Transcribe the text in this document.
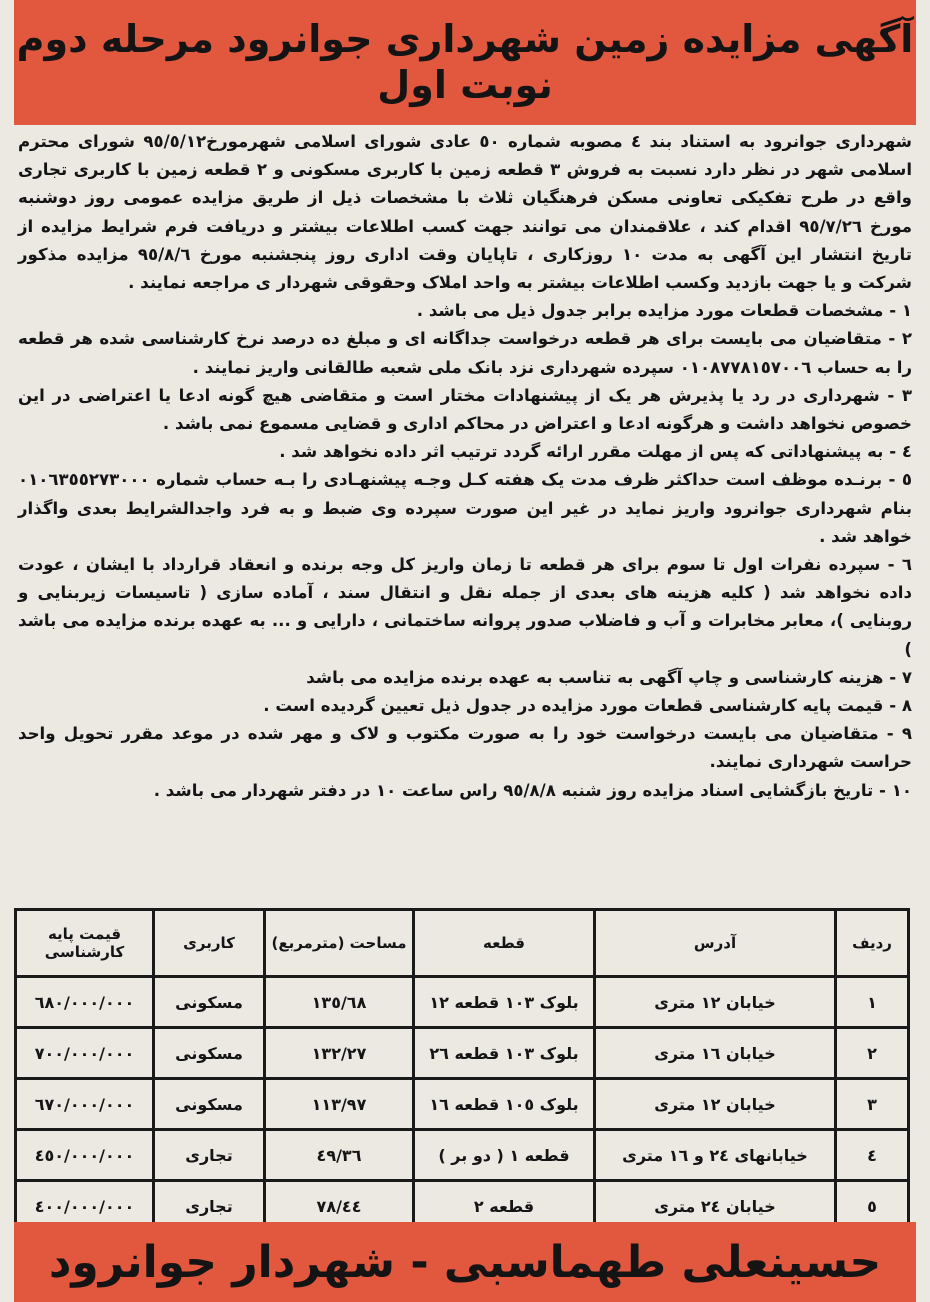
آگهی مزایده زمین شهرداری جوانرود مرحله دوم
نوبت اول

شهرداری جوانرود به استناد بند ٤ مصوبه شماره ٥٠ عادی شورای اسلامی شهرمورخ۹٥/٥/۱۲ شورای محترم اسلامی شهر در نظر دارد نسبت به فروش ۳ قطعه زمین با کاربری مسکونی و ۲ قطعه زمین با کاربری تجاری واقع در طرح تفکیکی تعاونی مسکن فرهنگیان ثلاث با مشخصات ذیل از طریق مزایده عمومی روز دوشنبه مورخ ۹٥/۷/۲٦ اقدام کند ، علاقمندان می توانند جهت کسب اطلاعات بیشتر و دریافت فرم شرایط مزایده از تاریخ انتشار این آگهی به مدت ۱۰ روزکاری ، تاپایان وقت اداری روز پنجشنبه مورخ ۹٥/۸/٦ مزایده مذکور شرکت و یا جهت بازدید وکسب اطلاعات بیشتر به واحد املاک وحقوقی شهردار ی مراجعه نمایند .

۱ - مشخصات قطعات مورد مزایده برابر جدول ذیل می باشد .
۲ - متقاضیان می بایست برای هر قطعه درخواست جداگانه ای و مبلغ ده درصد نرخ کارشناسی شده هر قطعه را به حساب ۰۱۰۸۷۷۸۱٥۷۰۰٦ سپرده شهرداری نزد بانک ملی شعبه طالقانی واریز نمایند .
۳ - شهرداری در رد یا پذیرش هر یک از پیشنهادات مختار است و متقاضی هیچ گونه ادعا یا اعتراضی در این خصوص نخواهد داشت و هرگونه ادعا و اعتراض در محاکم اداری و قضایی مسموع نمی باشد .
٤ - به پیشنهاداتی که پس از مهلت مقرر ارائه گردد ترتیب اثر داده نخواهد شد .
٥ - برنـده موظف است حداکثر ظرف مدت یک هفته کـل وجـه پیشنهـادی را بـه حساب شماره ۰۱۰٦۳٥٥۲۷۳۰۰۰ بنام شهرداری جوانرود واریز نماید در غیر این صورت سپرده وی ضبط و به فرد واجدالشرایط بعدی واگذار خواهد شد .
٦ - سپرده نفرات اول تا سوم برای هر قطعه تا زمان واریز کل وجه برنده و انعقاد قرارداد با ایشان ، عودت داده نخواهد شد ( کلیه هزینه های بعدی از جمله نقل و انتقال سند ، آماده سازی ( تاسیسات زیربنایی و روبنایی )، معابر مخابرات و آب و فاضلاب صدور پروانه ساختمانی ، دارایی و ... به عهده برنده مزایده می باشد )
۷ - هزینه کارشناسی و چاپ آگهی به تناسب به عهده برنده مزایده می باشد
۸ - قیمت پایه کارشناسی قطعات مورد مزایده در جدول ذیل تعیین گردیده است .
۹ - متقاضیان می بایست درخواست خود را به صورت مکتوب و لاک و مهر شده در موعد مقرر تحویل واحد حراست شهرداری نمایند.
۱۰ - تاریخ بازگشایی اسناد مزایده روز شنبه ۹٥/۸/۸ راس ساعت ۱۰ در دفتر شهردار می باشد .
ردیف	آدرس	قطعه	مساحت (مترمربع)	کاربری	قیمت پایه کارشناسی
۱	خیابان ۱۲ متری	بلوک ۱۰۳ قطعه ۱۲	۱۳٥/٦۸	مسکونی	٦۸۰/۰۰۰/۰۰۰
۲	خیابان ۱٦ متری	بلوک ۱۰۳ قطعه ۲٦	۱۳۲/۲۷	مسکونی	۷۰۰/۰۰۰/۰۰۰
۳	خیابان ۱۲ متری	بلوک ۱۰٥ قطعه ۱٦	۱۱۳/۹۷	مسکونی	٦۷۰/۰۰۰/۰۰۰
٤	خیابانهای ۲٤ و ۱٦ متری	قطعه ۱ ( دو بر )	٤۹/۳٦	تجاری	٤٥۰/۰۰۰/۰۰۰
٥	خیابان ۲٤ متری	قطعه ۲	٤٤/۷۸	تجاری	٤۰۰/۰۰۰/۰۰۰
حسینعلی طهماسبی - شهردار جوانرود
